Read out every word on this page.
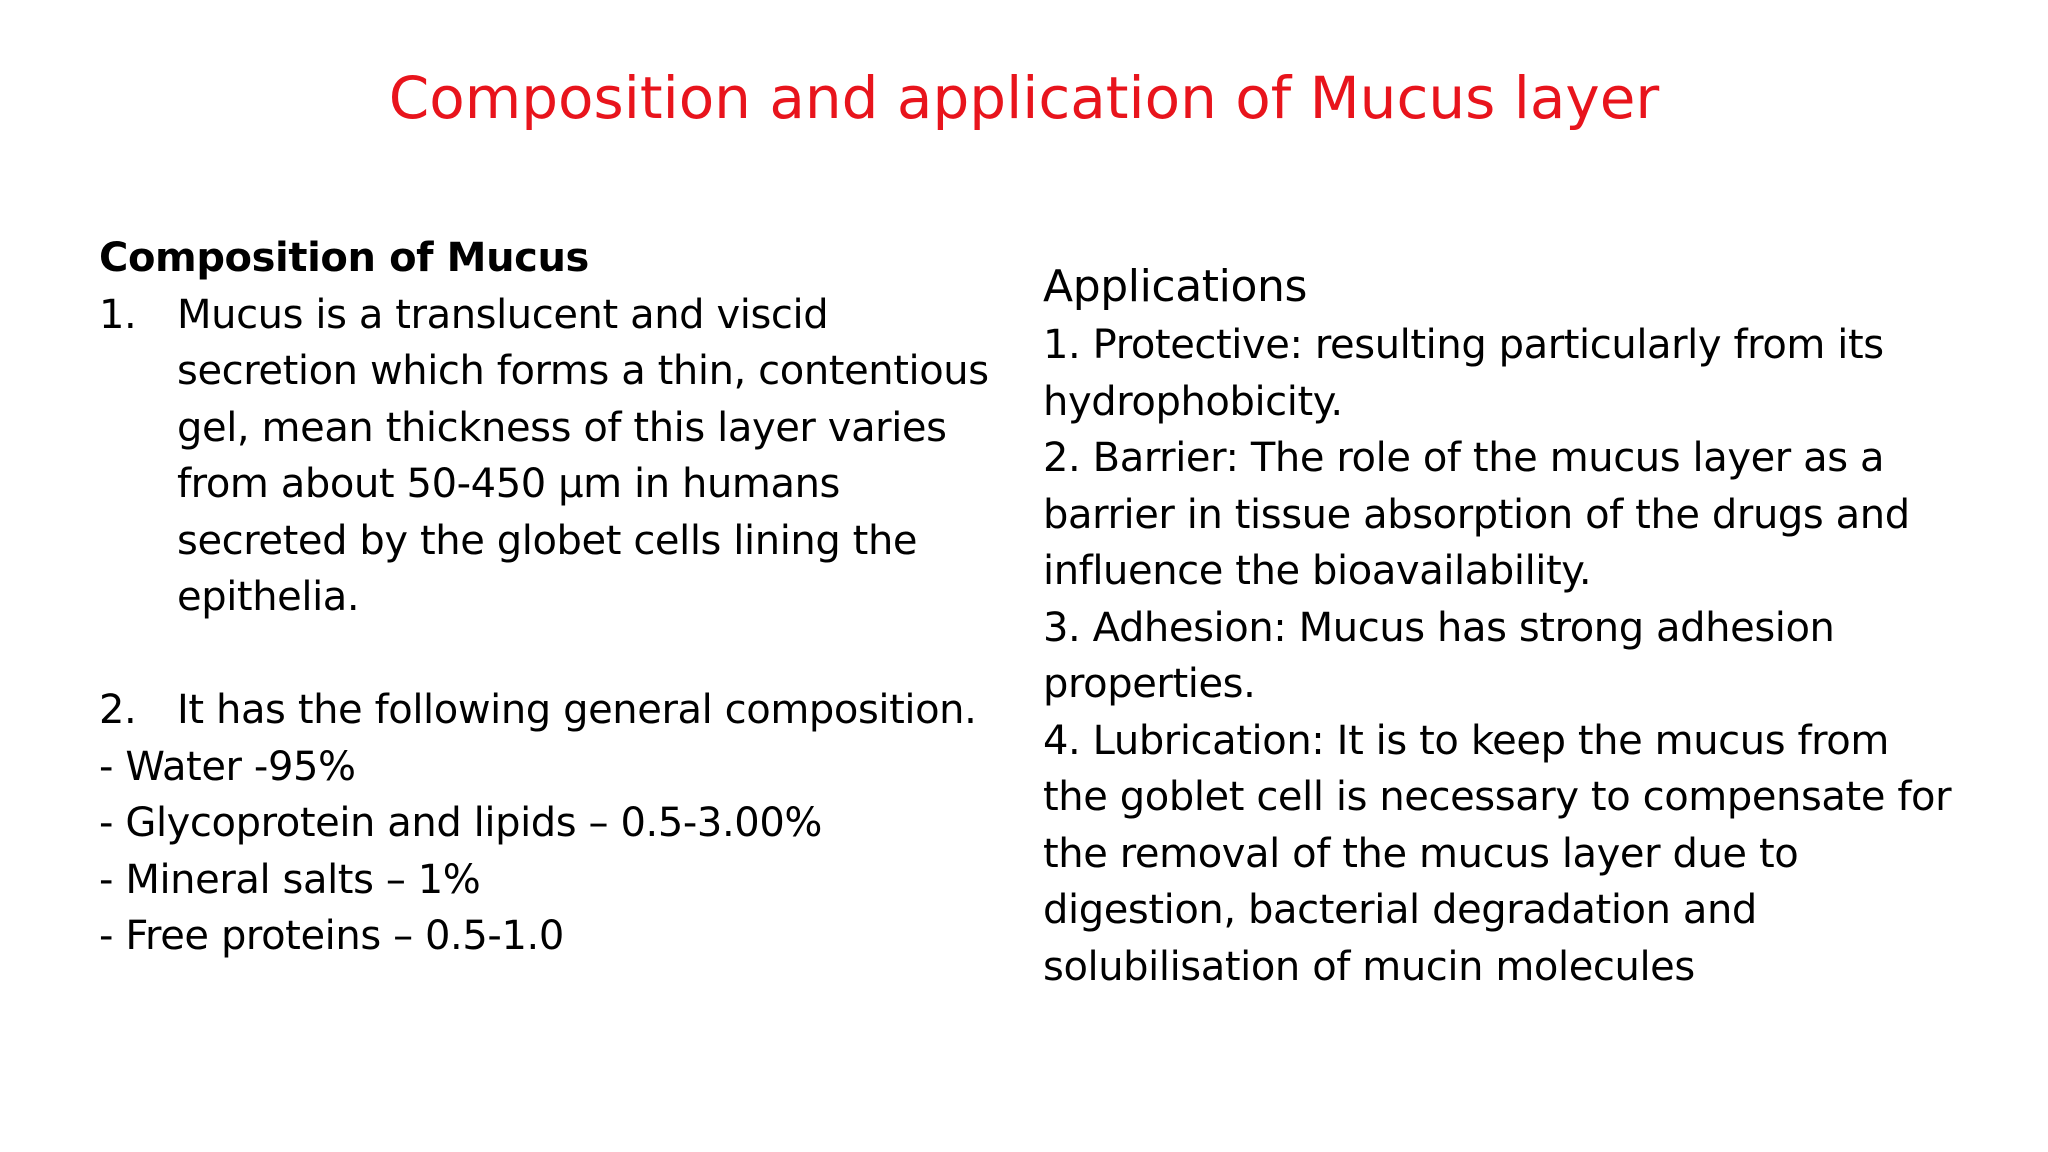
Composition and application of Mucus layer
Composition of Mucus
1.	Mucus is a translucent and viscid
secretion which forms a thin, contentious
gel, mean thickness of this layer varies
from about 50-450 μm in humans
secreted by the globet cells lining the
epithelia.
2.	It has the following general composition.
- Water -95%
- Glycoprotein and lipids – 0.5-3.00%
- Mineral salts – 1%
- Free proteins – 0.5-1.0
Applications
1. Protective: resulting particularly from its
hydrophobicity.
2. Barrier: The role of the mucus layer as a
barrier in tissue absorption of the drugs and
influence the bioavailability.
3. Adhesion: Mucus has strong adhesion
properties.
4. Lubrication: It is to keep the mucus from
the goblet cell is necessary to compensate for
the removal of the mucus layer due to
digestion, bacterial degradation and
solubilisation of mucin molecules
